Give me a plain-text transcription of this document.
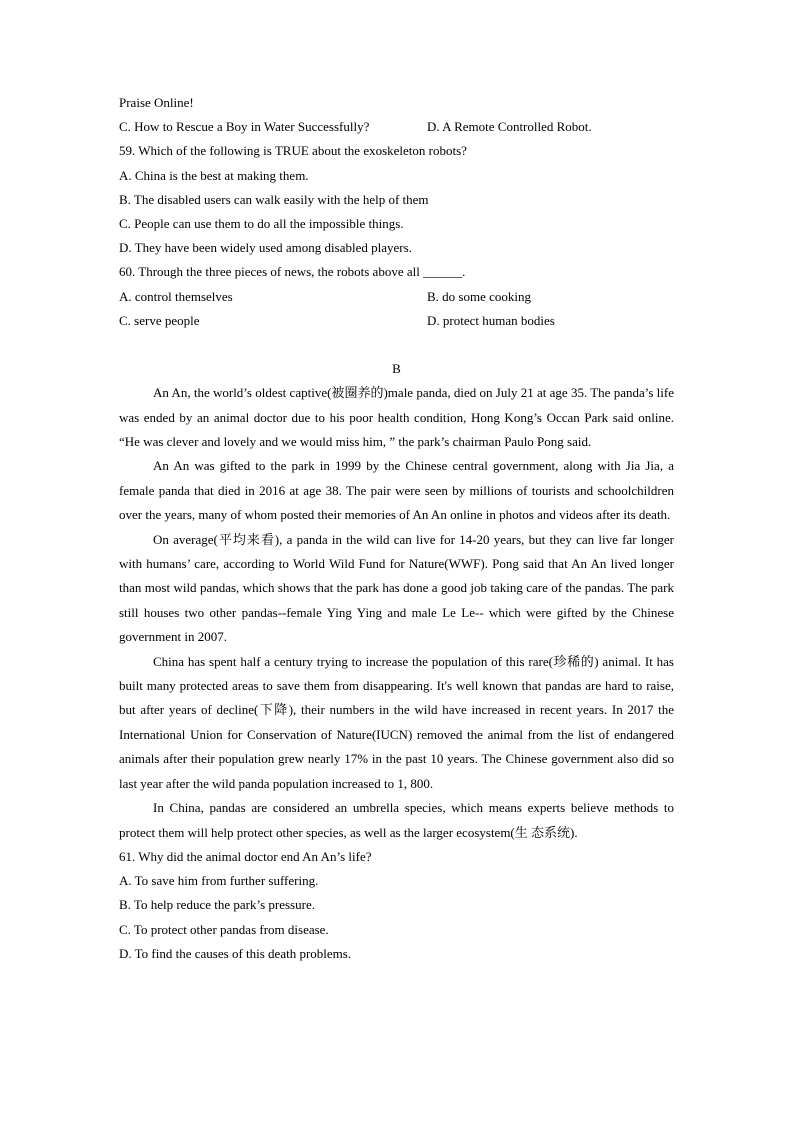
Praise Online!
C. How to Rescue a Boy in Water Successfully?	D. A Remote Controlled Robot.
59. Which of the following is TRUE about the exoskeleton robots?
A. China is the best at making them.
B. The disabled users can walk easily with the help of them
C. People can use them to do all the impossible things.
D. They have been widely used among disabled players.
60. Through the three pieces of news, the robots above all ______.
A. control themselves	B. do some cooking
C. serve people	D. protect human bodies
B

An An, the world’s oldest captive(被圈养的)male panda, died on July 21 at age 35. The panda’s life was ended by an animal doctor due to his poor health condition, Hong Kong’s Occan Park said online. “He was clever and lovely and we would miss him, ” the park’s chairman Paulo Pong said.

An An was gifted to the park in 1999 by the Chinese central government, along with Jia Jia, a female panda that died in 2016 at age 38. The pair were seen by millions of tourists and schoolchildren over the years, many of whom posted their memories of An An online in photos and videos after its death.

On average(平均来看), a panda in the wild can live for 14-20 years, but they can live far longer with humans’ care, according to World Wild Fund for Nature(WWF). Pong said that An An lived longer than most wild pandas, which shows that the park has done a good job taking care of the pandas. The park still houses two other pandas--female Ying Ying and male Le Le-- which were gifted by the Chinese government in 2007.

China has spent half a century trying to increase the population of this rare(珍稀的) animal. It has built many protected areas to save them from disappearing. It's well known that pandas are hard to raise, but after years of decline(下降), their numbers in the wild have increased in recent years. In 2017 the International Union for Conservation of Nature(IUCN) removed the animal from the list of endangered animals after their population grew nearly 17% in the past 10 years. The Chinese government also did so last year after the wild panda population increased to 1, 800.

In China, pandas are considered an umbrella species, which means experts believe methods to protect them will help protect other species, as well as the larger ecosystem(生 态系统).

61. Why did the animal doctor end An An’s life?
A. To save him from further suffering.
B. To help reduce the park’s pressure.
C. To protect other pandas from disease.
D. To find the causes of this death problems.
